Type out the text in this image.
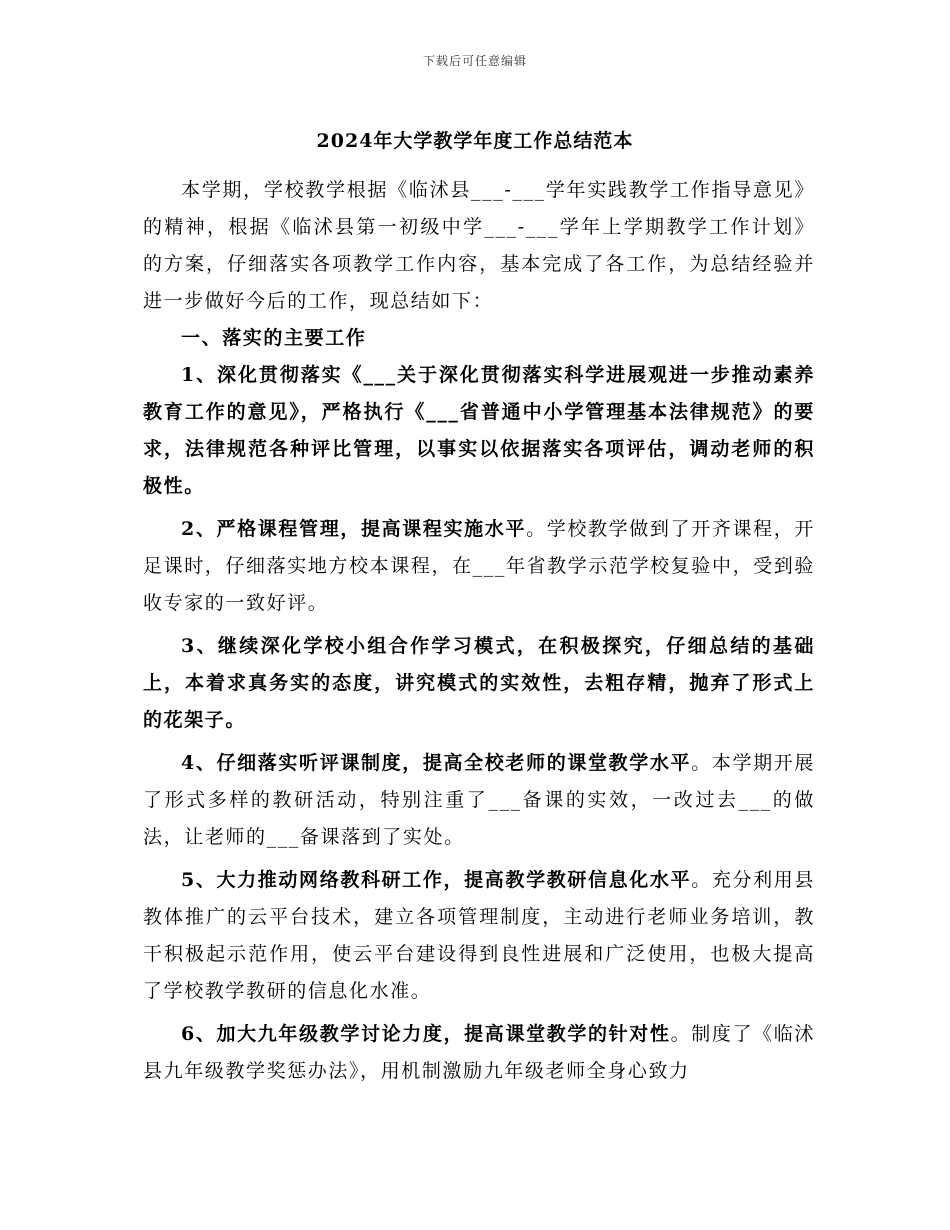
下载后可任意编辑
2024年大学教学年度工作总结范本

本学期，学校教学根据《临沭县___-___学年实践教学工作指导意见》的精神，根据《临沭县第一初级中学___-___学年上学期教学工作计划》的方案，仔细落实各项教学工作内容，基本完成了各工作，为总结经验并进一步做好今后的工作，现总结如下：

一、落实的主要工作

1、深化贯彻落实《___关于深化贯彻落实科学进展观进一步推动素养教育工作的意见》，严格执行《___省普通中小学管理基本法律规范》的要求，法律规范各种评比管理，以事实以依据落实各项评估，调动老师的积极性。

2、严格课程管理，提高课程实施水平。学校教学做到了开齐课程，开足课时，仔细落实地方校本课程，在___年省教学示范学校复验中，受到验收专家的一致好评。

3、继续深化学校小组合作学习模式，在积极探究，仔细总结的基础上，本着求真务实的态度，讲究模式的实效性，去粗存精，抛弃了形式上的花架子。

4、仔细落实听评课制度，提高全校老师的课堂教学水平。本学期开展了形式多样的教研活动，特别注重了___备课的实效，一改过去___的做法，让老师的___备课落到了实处。

5、大力推动网络教科研工作，提高教学教研信息化水平。充分利用县教体推广的云平台技术，建立各项管理制度，主动进行老师业务培训，教干积极起示范作用，使云平台建设得到良性进展和广泛使用，也极大提高了学校教学教研的信息化水准。

6、加大九年级教学讨论力度，提高课堂教学的针对性。制度了《临沭县九年级教学奖惩办法》，用机制激励九年级老师全身心致力
